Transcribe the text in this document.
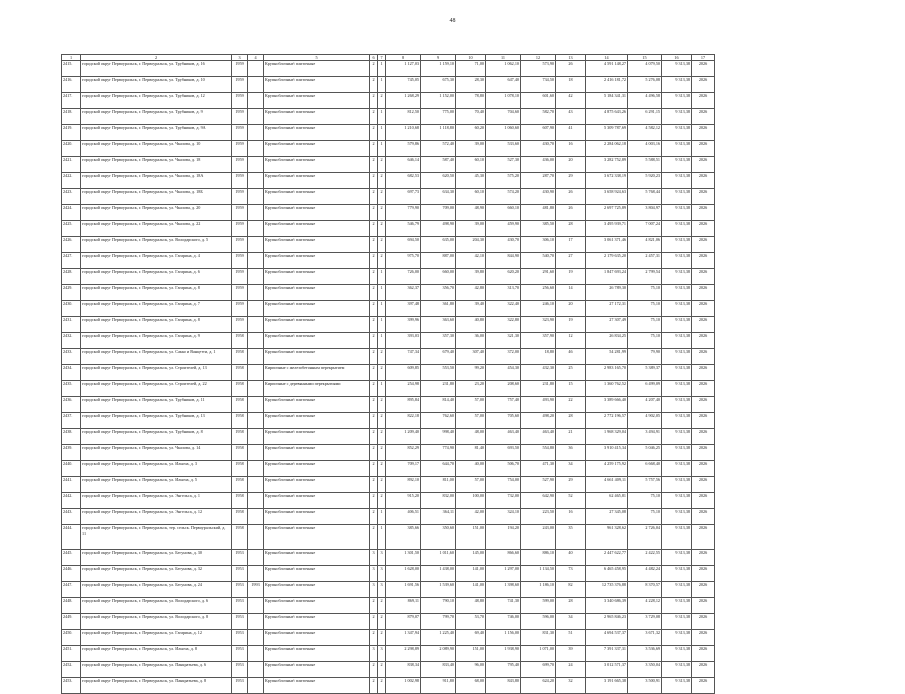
48
1	2	3	4	5	6	7	8	9	10	11	12	13	14	15	16	17
2415.	городской округ Первоуральск, г. Первоуральск, ул. Трубников, д. 16	1959		Крупноблочные\ плиточные	2	1	1 127,03	1 159,10	71,00	1 062,10	573,90	26	4 591 148,27	4 079,50	9 313,38	2026
2416.	городской округ Первоуральск, г. Первоуральск, ул. Трубников, д. 10	1959		Крупноблочные\ плиточные	2	1	745,05	675,30	28,30	647,40	734,50	18	2 416 181,72	5 276,08	9 313,38	2026
2417.	городской округ Первоуральск, г. Первоуральск, ул. Трубников, д. 12	1959		Крупноблочные\ плиточные	2	2	1 268,29	1 152,00	78,80	1 078,10	601,60	42	5 184 341,31	4 496,58	9 313,38	2026
2418.	городской округ Первоуральск, г. Первоуральск, ул. Трубников, д. 9	1959		Крупноблочные\ плиточные	2	1	812,50	775,00	70,40	704,60	582,70	43	4 875 643,26	6 291,15	9 313,38	2026
2419.	городской округ Первоуральск, г. Первоуральск, ул. Трубников, д. 9А	1959		Крупноблочные\ плиточные	2	1	1 210,68	1 118,80	60,20	1 060,60	607,90	41	5 309 787,69	4 582,12	9 313,38	2026
2420.	городской округ Первоуральск, г. Первоуральск, ул. Чкалова, д. 10	1959		Крупноблочные\ плиточные	2	1	579,86	572,40	39,00	533,60	430,70	16	2 284 062,18	4 003,16	9 313,38	2026
2421.	городской округ Первоуральск, г. Первоуральск, ул. Чкалова, д. 18	1959		Крупноблочные\ плиточные	2	2	646,14	587,40	60,10	527,30	436,00	20	3 282 752,89	5 588,51	9 313,38	2026
2422.	городской округ Первоуральск, г. Первоуральск, ул. Чкалова, д. 18А	1959		Крупноблочные\ плиточные	2	2	682,53	620,50	45,30	575,20	287,70	29	3 672 338,19	5 920,23	9 313,38	2026
2423.	городской округ Первоуральск, г. Первоуральск, ул. Чкалова, д. 18Б	1959		Крупноблочные\ плиточные	2	2	697,73	634,30	60,10	574,20	430,90	26	3 658 924,63	5 768,44	9 313,38	2026
2424.	городской округ Первоуральск, г. Первоуральск, ул. Чкалова, д. 20	1959		Крупноблочные\ плиточные	2	2	779,90	709,00	48,90	660,10	481,80	26	2 697 725,89	3 804,97	9 313,38	2026
2425.	городской округ Первоуральск, г. Первоуральск, ул. Чкалова, д. 22	1959		Крупноблочные\ плиточные	2	2	546,79	498,90	39,00	459,90	385,50	28	3 495 939,71	7 007,24	9 313,38	2026
2426.	городской округ Первоуральск, г. Первоуральск, ул. Володарского, д. 5	1959		Крупноблочные\ плиточные	2	2	694,50	635,00	204,30	430,70	306,10	17	3 061 371,46	4 821,06	9 313,38	2026
2427.	городской округ Первоуральск, г. Первоуральск, ул. Гагарина, д. 4	1959		Крупноблочные\ плиточные	2	2	975,70	887,00	42,10	844,90	540,70	27	2 179 635,20	2 457,31	9 313,38	2026
2428.	городской округ Первоуральск, г. Первоуральск, ул. Гагарина, д. 6	1959		Крупноблочные\ плиточные	2	1	726,00	660,00	39,80	620,20	291,60	19	1 847 693,24	2 799,54	9 313,38	2026
2429.	городской округ Первоуральск, г. Первоуральск, ул. Гагарина, д. 8	1959		Крупноблочные\ плиточные	2	1	362,37	356,70	42,80	313,70	256,60	14	26 789,30	75,10	9 313,38	2026
2430.	городской округ Первоуральск, г. Первоуральск, ул. Гагарина, д. 7	1959		Крупноблочные\ плиточные	2	1	397,48	361,80	39,40	322,40	246,10	20	27 172,31	75,10	9 313,38	2026
2431.	городской округ Первоуральск, г. Первоуральск, ул. Гагарина, д. 8	1959		Крупноблочные\ плиточные	2	1	399,96	363,60	40,80	322,80	323,90	19	27 307,49	75,10	9 313,38	2026
2432.	городской округ Первоуральск, г. Первоуральск, ул. Гагарина, д. 9	1958		Крупноблочные\ плиточные	2	1	393,03	357,30	36,00	321,30	357,90	12	26 834,25	75,10	9 313,38	2026
2433.	городской округ Первоуральск, г. Первоуральск, ул. Сакко и Ванцетти, д. 1	1958		Крупноблочные\ плиточные	2	2	747,34	679,40	307,40	372,00	18,80	46	54 281,99	79,90	9 313,38	2026
2434.	городской округ Первоуральск, г. Первоуральск, ул. Строителей, д. 13	1958		Кирпичные с железобетонным перекрытием	2	2	609,85	553,50	99,20	454,30	432,30	25	2 983 165,70	5 389,37	9 313,38	2026
2435.	городской округ Первоуральск, г. Первоуральск, ул. Строителей, д. 22	1958		Кирпичные с деревянными перекрытиями	2	1	254,98	231,80	23,20	208,60	231,80	15	1 360 762,52	6 499,09	9 313,38	2026
2436.	городской округ Первоуральск, г. Первоуральск, ул. Трубников, д. 11	1958		Крупноблочные\ плиточные	2	2	895,84	814,40	57,00	757,40	493,90	22	3 389 666,40	4 207,40	9 313,38	2026
2437.	городской округ Первоуральск, г. Первоуральск, ул. Трубников, д. 13	1958		Крупноблочные\ плиточные	2	2	822,18	762,60	57,00	705,60	498,20	28	2 772 196,57	4 902,05	9 313,38	2026
2438.	городской округ Первоуральск, г. Первоуральск, ул. Трубников, д. 8	1958		Крупноблочные\ плиточные	2	2	1 209,40	998,40	48,00	463,40	463,40	21	1 968 329,04	3 494,91	9 313,38	2026
2439.	городской округ Первоуральск, г. Первоуральск, ул. Чкалова, д. 14	1958		Крупноблочные\ плиточные	2	2	852,29	774,90	81,40	693,50	554,80	36	3 910 415,34	5 046,25	9 313,38	2026
2440.	городской округ Первоуральск, г. Первоуральск, ул. Ильича, д. 3	1958		Крупноблочные\ плиточные	2	2	709,17	644,70	40,00	506,70	471,30	34	4 259 175,92	6 668,40	9 313,38	2026
2441.	городской округ Первоуральск, г. Первоуральск, ул. Ильича, д. 5	1958		Крупноблочные\ плиточные	2	2	892,10	811,00	57,00	754,00	527,90	29	4 661 409,11	5 757,56	9 313,38	2026
2442.	городской округ Первоуральск, г. Первоуральск, ул. Энгельса, д. 1	1958		Крупноблочные\ плиточные	2	2	915,20	832,00	100,00	732,00	642,90	52	62 465,81	75,10	9 313,38	2026
2443.	городской округ Первоуральск, г. Первоуральск, ул. Энгельса, д. 12	1958		Крупноблочные\ плиточные	2	1	406,51	364,11	42,00	324,10	223,50	16	27 345,08	75,10	9 313,38	2026
2444.	городской округ Первоуральск, г. Первоуральск, тер. сельск. Первоуральский, д. 11	1958		Крупноблочные\ плиточные	2	1	385,66	350,60	151,00	194,20	243,00	35	961 328,62	2 726,04	9 313,38	2026
2445.	городской округ Первоуральск, г. Первоуральск, ул. Бегунова, д. 30	1953		Крупноблочные\ плиточные	3	3	1 301,50	1 011,60	145,00	866,60	886,10	40	2 447 622,77	2 422,55	9 313,38	2026
2446.	городской округ Первоуральск, г. Первоуральск, ул. Бегунова, д. 32	1953		Крупноблочные\ плиточные	3	3	1 628,00	1 438,00	141,00	1 297,00	1 134,50	73	6 465 458,95	4 482,24	9 313,38	2026
2447.	городской округ Первоуральск, г. Первоуральск, ул. Бегунова, д. 24	1953	1993	Крупноблочные\ плиточные	3	3	1 691,56	1 539,60	141,00	1 398,60	1 186,10	82	12 735 376,88	8 370,57	9 313,38	2026
2448.	городской округ Первоуральск, г. Первоуральск, ул. Володарского, д. 6	1953		Крупноблочные\ плиточные	2	2	869,11	790,10	48,80	741,30	599,00	28	3 340 686,39	4 228,12	9 313,38	2026
2449.	городской округ Первоуральск, г. Первоуральск, ул. Володарского, д. 8	1953		Крупноблочные\ плиточные	2	2	879,07	799,70	53,70	746,00	596,00	34	2 965 846,23	3 729,08	9 313,38	2026
2450.	городской округ Первоуральск, г. Первоуральск, ул. Гагарина, д. 12	1953		Крупноблочные\ плиточные	2	2	1 347,94	1 225,40	69,40	1 156,00	831,30	51	4 694 537,37	3 671,32	9 313,38	2026
2451.	городской округ Первоуральск, г. Первоуральск, ул. Ильича, д. 8	1953		Крупноблочные\ плиточные	3	3	2 298,89	2 089,90	151,00	1 938,90	1 071,00	39	7 391 337,31	3 536,69	9 313,38	2026
2452.	городской округ Первоуральск, г. Первоуральск, ул. Панкратьева, д. 6	1953		Крупноблочные\ плиточные	2	2	838,34	833,40	96,00	795,40	699,70	24	3 012 571,37	3 350,04	9 313,38	2026
2453.	городской округ Первоуральск, г. Первоуральск, ул. Панкратьева, д. 8	1953		Крупноблочные\ плиточные	2	2	1 002,98	911,80	68,00	843,80	624,20	32	3 191 665,38	3 500,91	9 313,38	2026
